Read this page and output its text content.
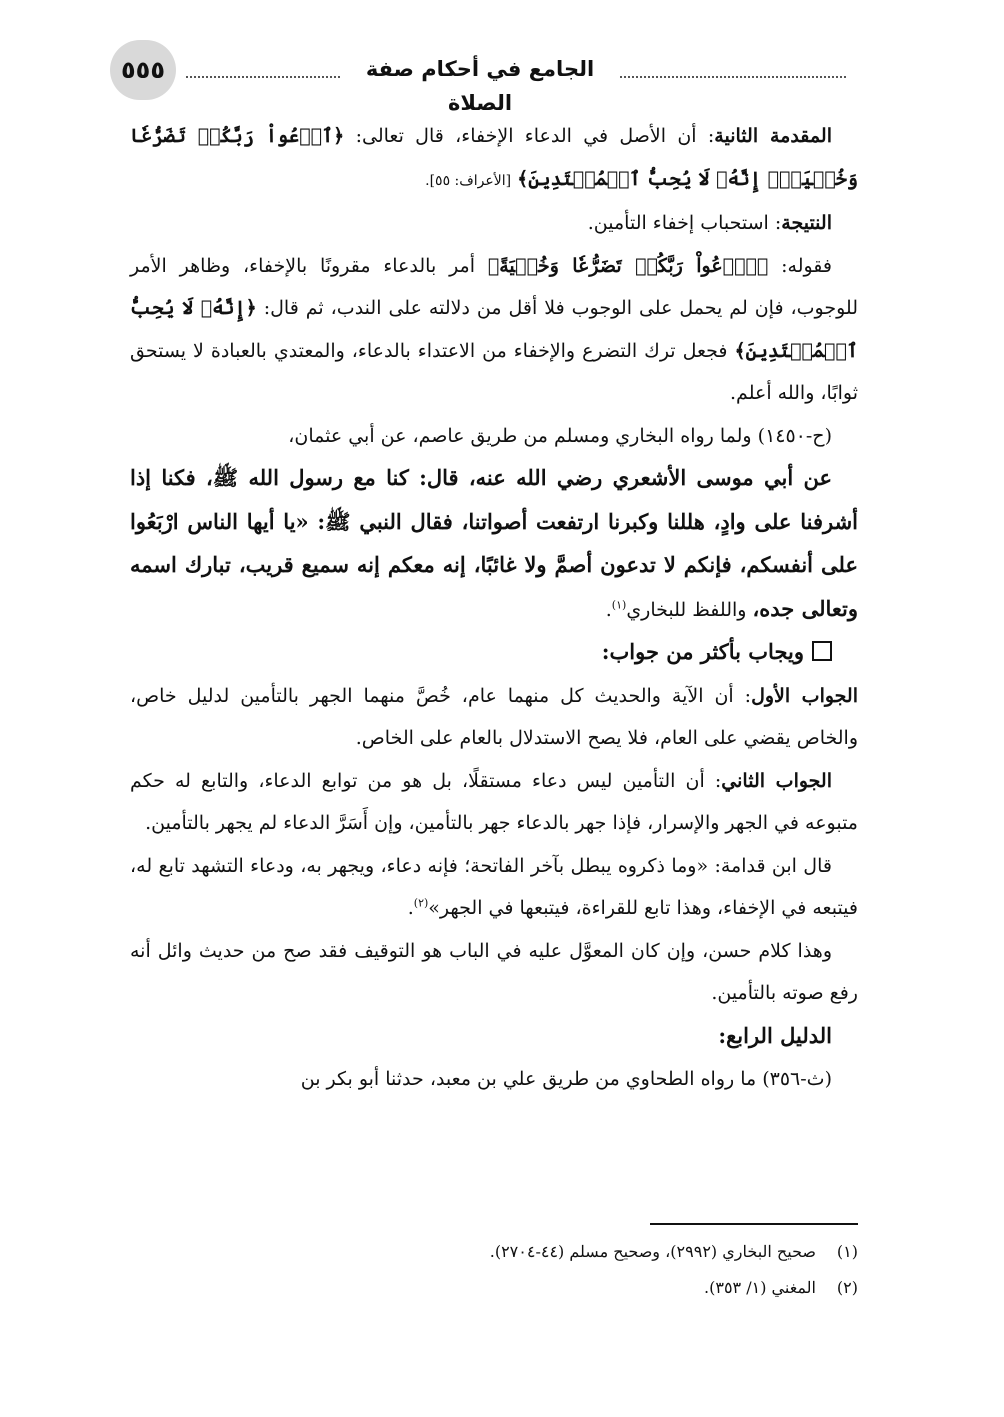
٥٥٥	الجامع في أحكام صفة الصلاة

المقدمة الثانية: أن الأصل في الدعاء الإخفاء، قال تعالى: ﴿ٱدۡعُواْ رَبَّكُمۡ تَضَرُّعٗا وَخُفۡيَةًۚ إِنَّهُۥ لَا يُحِبُّ ٱلۡمُعۡتَدِينَ﴾ [الأعراف: ٥٥].

النتيجة: استحباب إخفاء التأمين.

فقوله: ﴿ٱدۡعُواْ رَبَّكُمۡ تَضَرُّعٗا وَخُفۡيَةً﴾ أمر بالدعاء مقرونًا بالإخفاء، وظاهر الأمر للوجوب، فإن لم يحمل على الوجوب فلا أقل من دلالته على الندب، ثم قال: ﴿إِنَّهُۥ لَا يُحِبُّ ٱلۡمُعۡتَدِينَ﴾ فجعل ترك التضرع والإخفاء من الاعتداء بالدعاء، والمعتدي بالعبادة لا يستحق ثوابًا، والله أعلم.

(ح-١٤٥٠) ولما رواه البخاري ومسلم من طريق عاصم، عن أبي عثمان،

عن أبي موسى الأشعري رضي الله عنه، قال: كنا مع رسول الله ﷺ، فكنا إذا أشرفنا على وادٍ، هللنا وكبرنا ارتفعت أصواتنا، فقال النبي ﷺ: «يا أيها الناس ارْبَعُوا على أنفسكم، فإنكم لا تدعون أصمَّ ولا غائبًا، إنه معكم إنه سميع قريب، تبارك اسمه وتعالى جده، واللفظ للبخاري$^{(١)}$.

ويجاب بأكثر من جواب:

الجواب الأول: أن الآية والحديث كل منهما عام، خُصَّ منهما الجهر بالتأمين لدليل خاص، والخاص يقضي على العام، فلا يصح الاستدلال بالعام على الخاص.

الجواب الثاني: أن التأمين ليس دعاء مستقلًا، بل هو من توابع الدعاء، والتابع له حكم متبوعه في الجهر والإسرار، فإذا جهر بالدعاء جهر بالتأمين، وإن أَسَرَّ الدعاء لم يجهر بالتأمين.

قال ابن قدامة: «وما ذكروه يبطل بآخر الفاتحة؛ فإنه دعاء، ويجهر به، ودعاء التشهد تابع له، فيتبعه في الإخفاء، وهذا تابع للقراءة، فيتبعها في الجهر»$^{(٢)}$.

وهذا كلام حسن، وإن كان المعوَّل عليه في الباب هو التوقيف فقد صح من حديث وائل أنه رفع صوته بالتأمين.

الدليل الرابع:

(ث-٣٥٦) ما رواه الطحاوي من طريق علي بن معبد، حدثنا أبو بكر بن

(١)صحيح البخاري (٢٩٩٢)، وصحيح مسلم (٤٤-٢٧٠٤).
(٢)المغني (١/ ٣٥٣).
